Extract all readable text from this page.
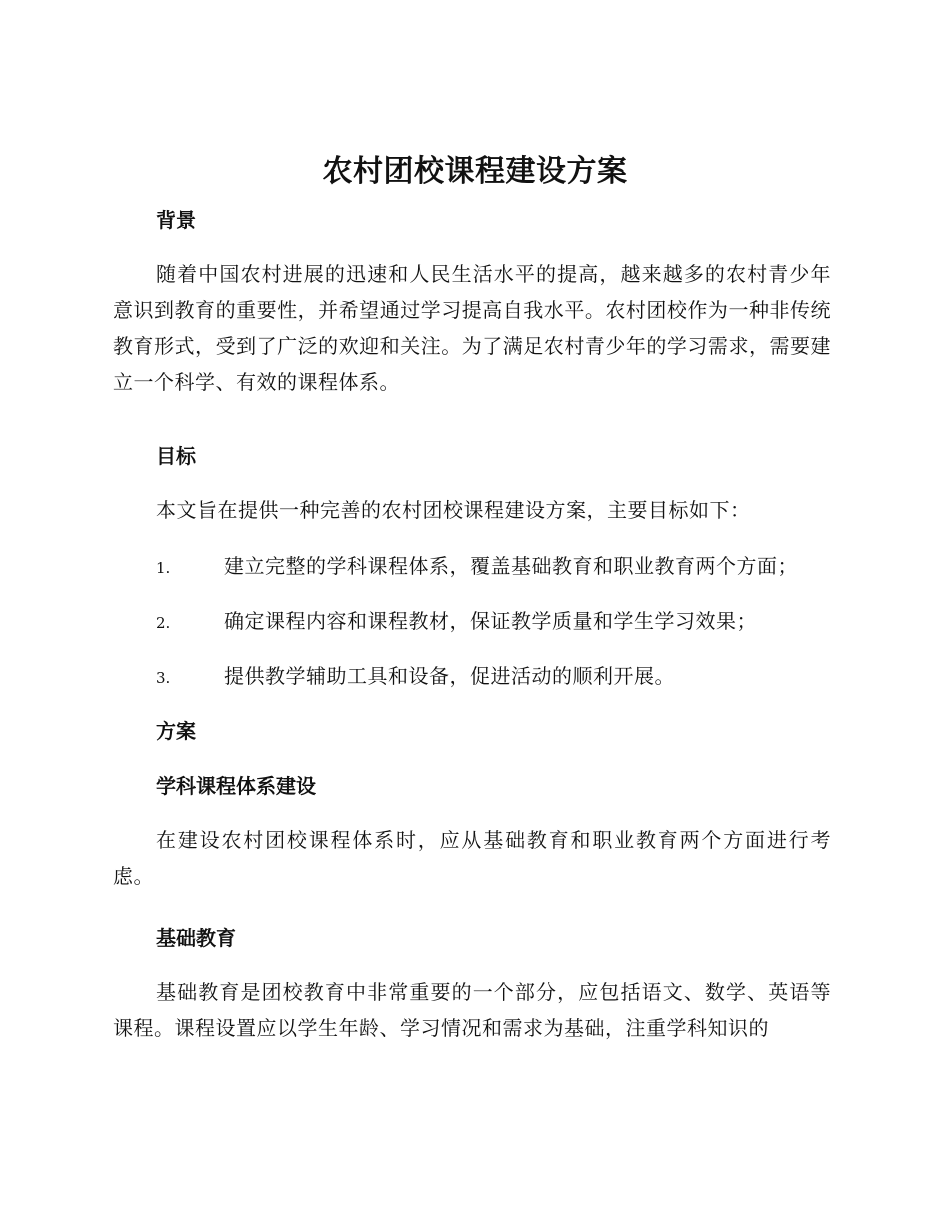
农村团校课程建设方案
背景
随着中国农村进展的迅速和人民生活水平的提高，越来越多的农村青少年意识到教育的重要性，并希望通过学习提高自我水平。农村团校作为一种非传统教育形式，受到了广泛的欢迎和关注。为了满足农村青少年的学习需求，需要建立一个科学、有效的课程体系。
目标
本文旨在提供一种完善的农村团校课程建设方案，主要目标如下：
1.	建立完整的学科课程体系，覆盖基础教育和职业教育两个方面；
2.	确定课程内容和课程教材，保证教学质量和学生学习效果；
3.	提供教学辅助工具和设备，促进活动的顺利开展。
方案
学科课程体系建设
在建设农村团校课程体系时，应从基础教育和职业教育两个方面进行考虑。
基础教育
基础教育是团校教育中非常重要的一个部分，应包括语文、数学、英语等课程。课程设置应以学生年龄、学习情况和需求为基础，注重学科知识的
